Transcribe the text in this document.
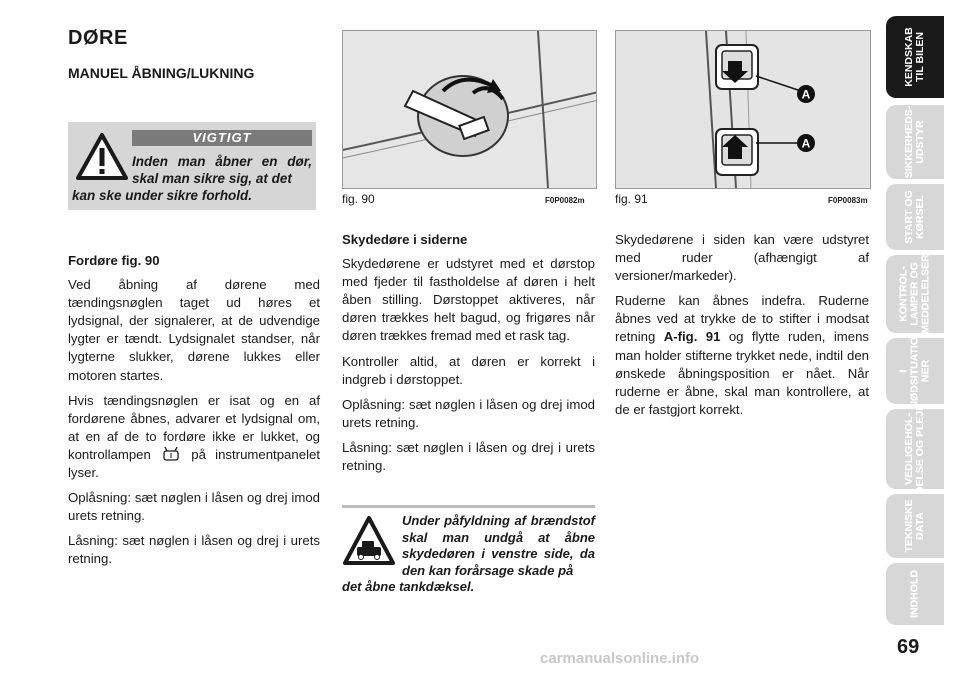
DØRE
MANUEL ÅBNING/LUKNING
VIGTIGT
Inden man åbner en dør, skal man sikre sig, at det
kan ske under sikre forhold.

Fordøre fig. 90

Ved åbning af dørene med tændingsnøglen taget ud høres et lydsignal, der signalerer, at de udvendige lygter er tændt. Lydsignalet standser, når lygterne slukker, dørene lukkes eller motoren startes.

Hvis tændingsnøglen er isat og en af fordørene åbnes, advarer et lydsignal om, at en af de to fordøre ikke er lukket, og kontrollampen	på instrumentpanelet lyser.

Oplåsning: sæt nøglen i låsen og drej imod urets retning.

Låsning: sæt nøglen i låsen og drej i urets retning.

fig. 90	F0P0082m
A
A
fig. 91	F0P0083m

Skydedøre i siderne

Skydedørene er udstyret med et dørstop med fjeder til fastholdelse af døren i helt åben stilling. Dørstoppet aktiveres, når døren trækkes helt bagud, og frigøres når døren trækkes fremad med et rask tag.

Kontroller altid, at døren er korrekt i indgreb i dørstoppet.

Oplåsning: sæt nøglen i låsen og drej imod urets retning.

Låsning: sæt nøglen i låsen og drej i urets retning.

Under påfyldning af brændstof skal man undgå at åbne skydedøren i venstre side, da den kan forårsage skade på
det åbne tankdæksel.

Skydedørene i siden kan være udstyret med ruder (afhængigt af versioner/markeder).

Ruderne kan åbnes indefra. Ruderne åbnes ved at trykke de to stifter i modsat retning A-fig. 91 og flytte ruden, imens man holder stifterne trykket nede, indtil den ønskede åbningsposition er nået. Når ruderne er åbne, skal man kontrollere, at de er fastgjort korrekt.

KENDSKAB
TIL BILEN
SIKKERHEDS-
UDSTYR
START OG
KØRSEL
KONTROL-
LAMPER OG
MEDDELELSER
I
NØDSITUATIO-
NER
VEDLIGEHOL-
DELSE OG PLEJE
TEKNISKE
DATA
INDHOLD
69
carmanualsonline.info
